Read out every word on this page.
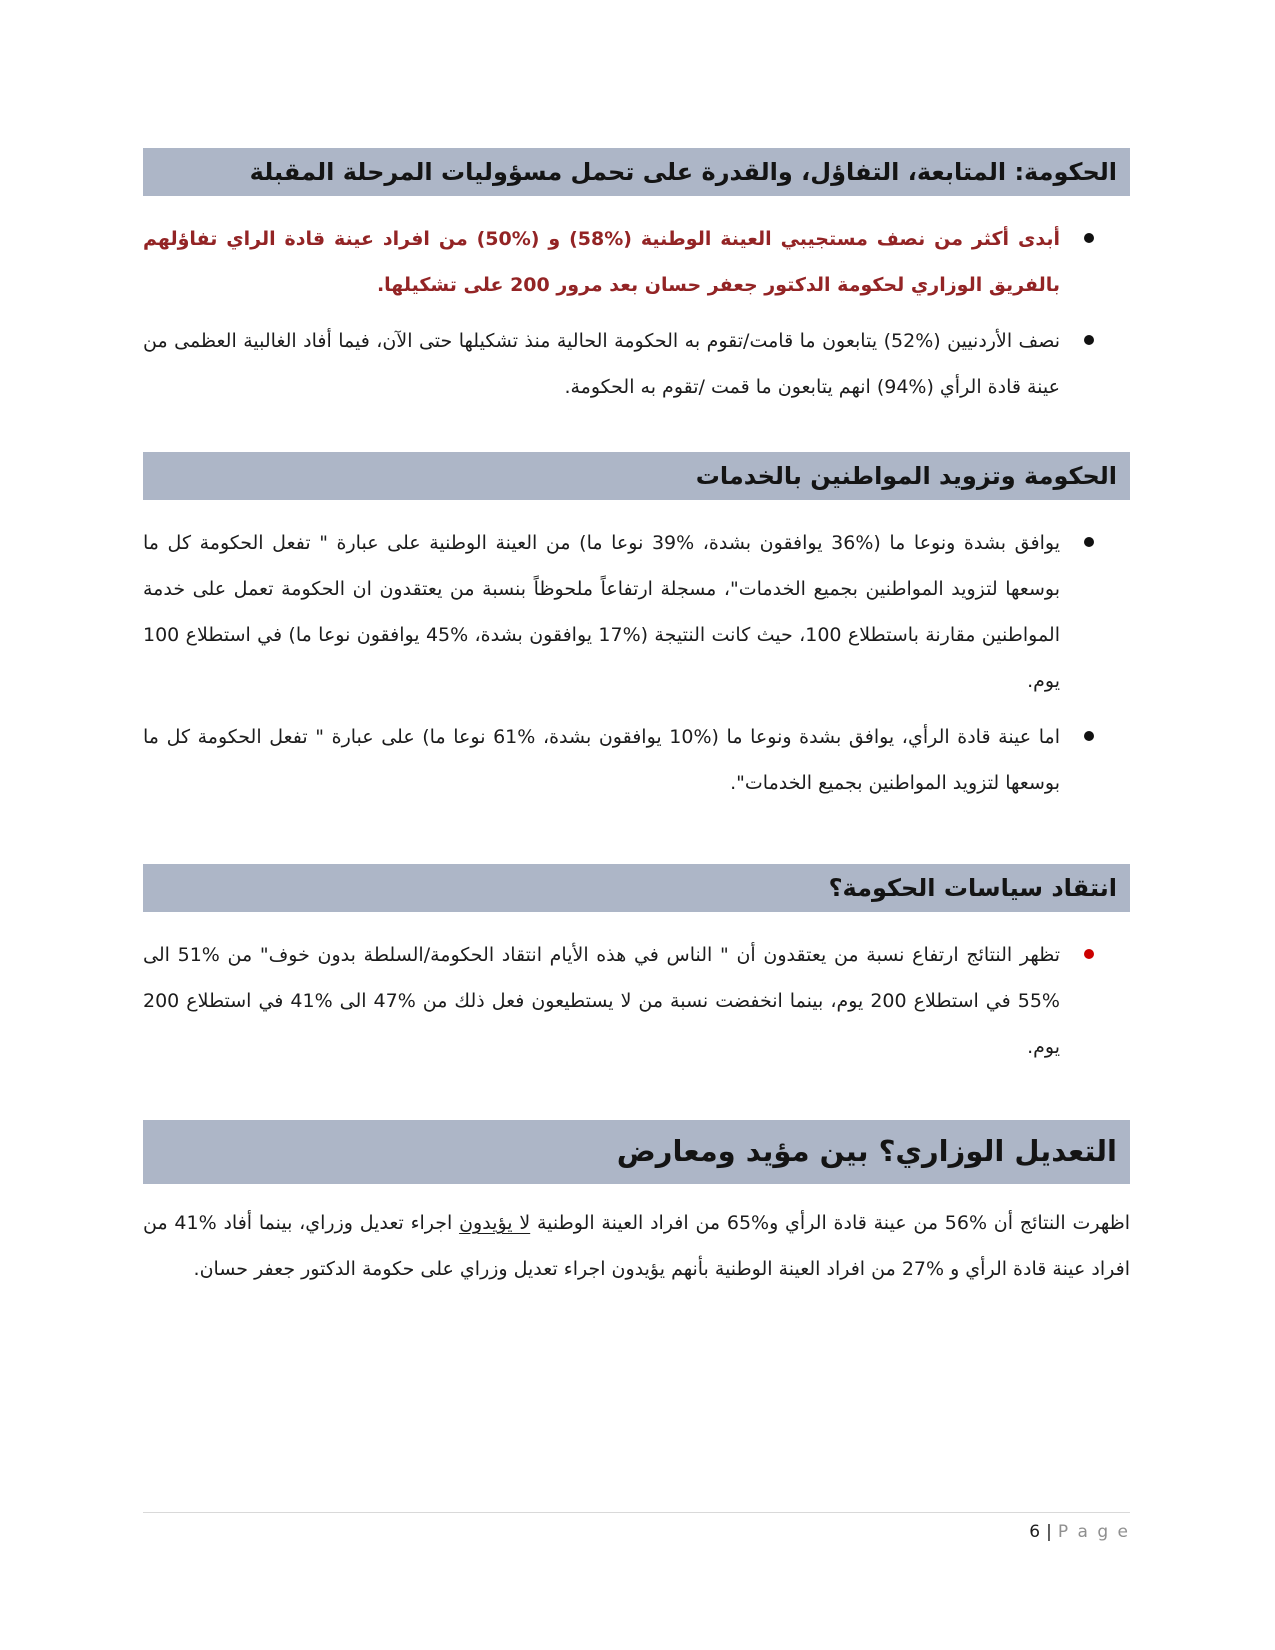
الحكومة: المتابعة، التفاؤل، والقدرة على تحمل مسؤوليات المرحلة المقبلة

أبدى أكثر من نصف مستجيبي العينة الوطنية (%58) و (%50) من افراد عينة قادة الراي تفاؤلهم بالفريق الوزاري لحكومة الدكتور جعفر حسان بعد مرور 200 على تشكيلها.

نصف الأردنيين (%52) يتابعون ما قامت/تقوم به الحكومة الحالية منذ تشكيلها حتى الآن، فيما أفاد الغالبية العظمى من عينة قادة الرأي (%94) انهم يتابعون ما قمت /تقوم به الحكومة.

الحكومة وتزويد المواطنين بالخدمات

يوافق بشدة ونوعا ما (%36 يوافقون بشدة، %39 نوعا ما) من العينة الوطنية على عبارة " تفعل الحكومة كل ما بوسعها لتزويد المواطنين بجميع الخدمات"، مسجلة ارتفاعاً ملحوظاً بنسبة من يعتقدون ان الحكومة تعمل على خدمة المواطنين مقارنة باستطلاع 100، حيث كانت النتيجة (%17 يوافقون بشدة، %45 يوافقون نوعا ما) في استطلاع 100 يوم.

اما عينة قادة الرأي، يوافق بشدة ونوعا ما (%10 يوافقون بشدة، %61 نوعا ما) على عبارة " تفعل الحكومة كل ما بوسعها لتزويد المواطنين بجميع الخدمات".

انتقاد سياسات الحكومة؟

تظهر النتائج ارتفاع نسبة من يعتقدون أن " الناس في هذه الأيام انتقاد الحكومة/السلطة بدون خوف" من %51 الى %55 في استطلاع 200 يوم، بينما انخفضت نسبة من لا يستطيعون فعل ذلك من %47 الى %41 في استطلاع 200 يوم.

التعديل الوزاري؟ بين مؤيد ومعارض

اظهرت النتائج أن %56 من عينة قادة الرأي و%65 من افراد العينة الوطنية لا يؤيدون اجراء تعديل وزراي، بينما أفاد %41 من افراد عينة قادة الرأي و %27 من افراد العينة الوطنية بأنهم يؤيدون اجراء تعديل وزراي على حكومة الدكتور جعفر حسان.

6 | P a g e
